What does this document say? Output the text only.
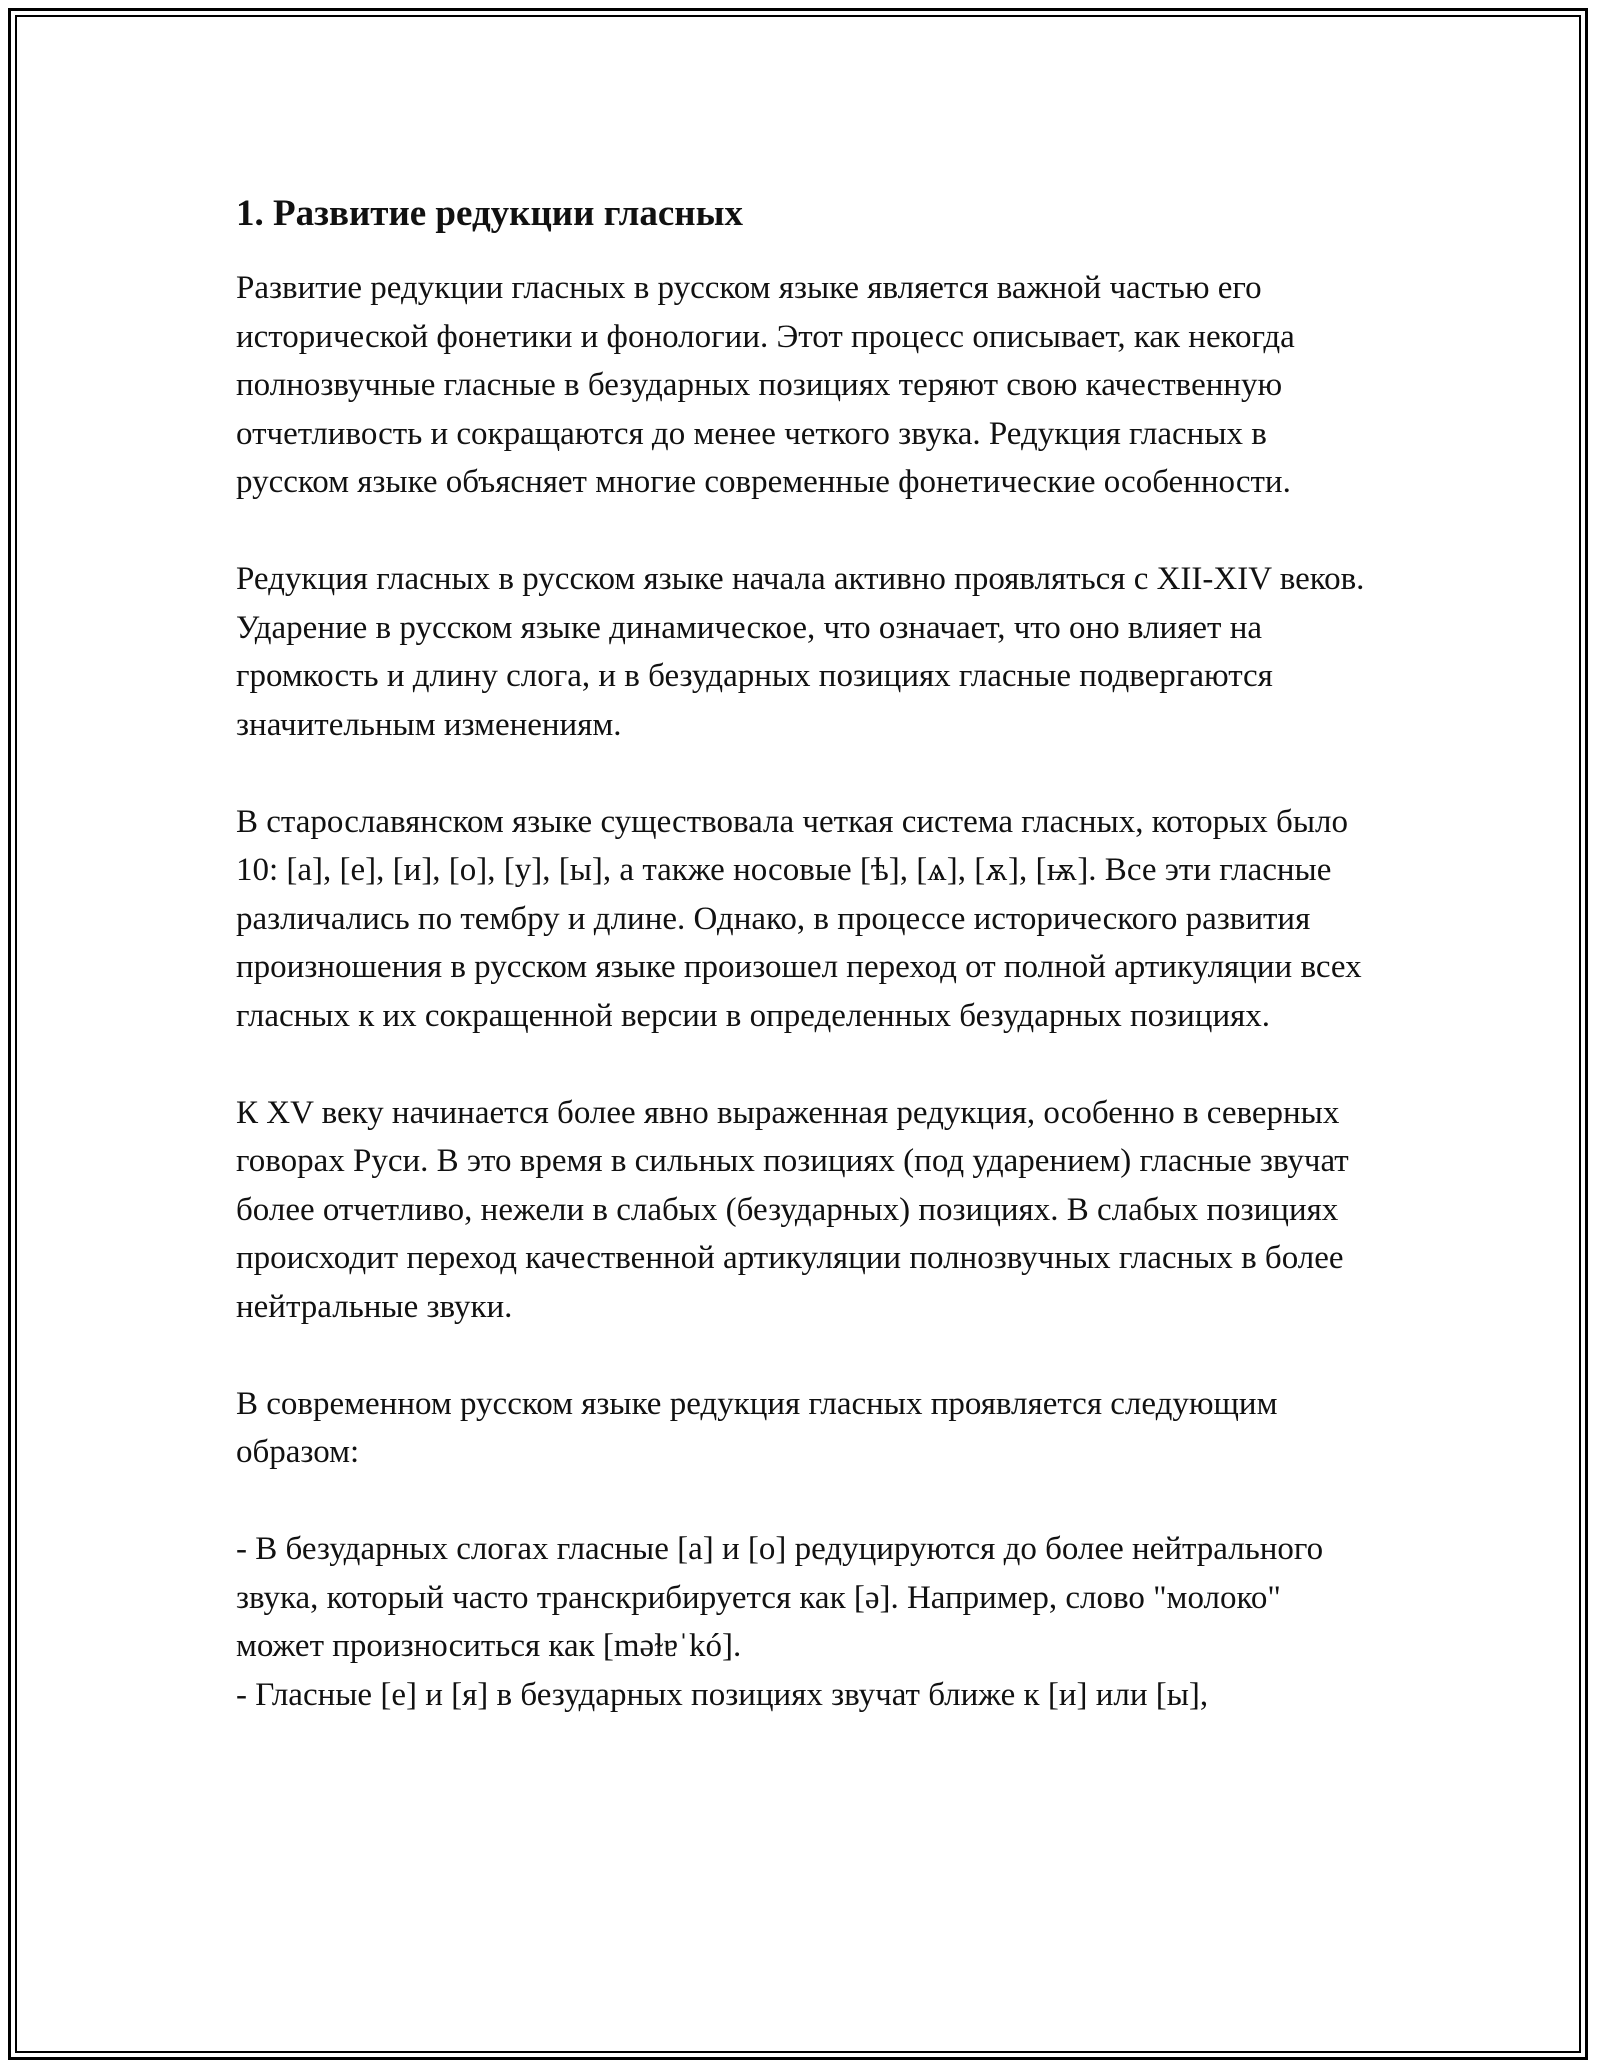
1. Развитие редукции гласных

Развитие редукции гласных в русском языке является важной частью его исторической фонетики и фонологии. Этот процесс описывает, как некогда полнозвучные гласные в безударных позициях теряют свою качественную отчетливость и сокращаются до менее четкого звука. Редукция гласных в русском языке объясняет многие современные фонетические особенности.

Редукция гласных в русском языке начала активно проявляться с XII-XIV веков. Ударение в русском языке динамическое, что означает, что оно влияет на громкость и длину слога, и в безударных позициях гласные подвергаются значительным изменениям.

В старославянском языке существовала четкая система гласных, которых было 10: [а], [е], [и], [о], [у], [ы], а также носовые [ѣ], [ѧ], [ѫ], [ѭ]. Все эти гласные различались по тембру и длине. Однако, в процессе исторического развития произношения в русском языке произошел переход от полной артикуляции всех гласных к их сокращенной версии в определенных безударных позициях.

К XV веку начинается более явно выраженная редукция, особенно в северных говорах Руси. В это время в сильных позициях (под ударением) гласные звучат более отчетливо, нежели в слабых (безударных) позициях. В слабых позициях происходит переход качественной артикуляции полнозвучных гласных в более нейтральные звуки.

В современном русском языке редукция гласных проявляется следующим образом:

- В безударных слогах гласные [а] и [о] редуцируются до более нейтрального звука, который часто транскрибируется как [ə]. Например, слово "молоко" может произноситься как [məɫɐˈkó].

- Гласные [е] и [я] в безударных позициях звучат ближе к [и] или [ы],
